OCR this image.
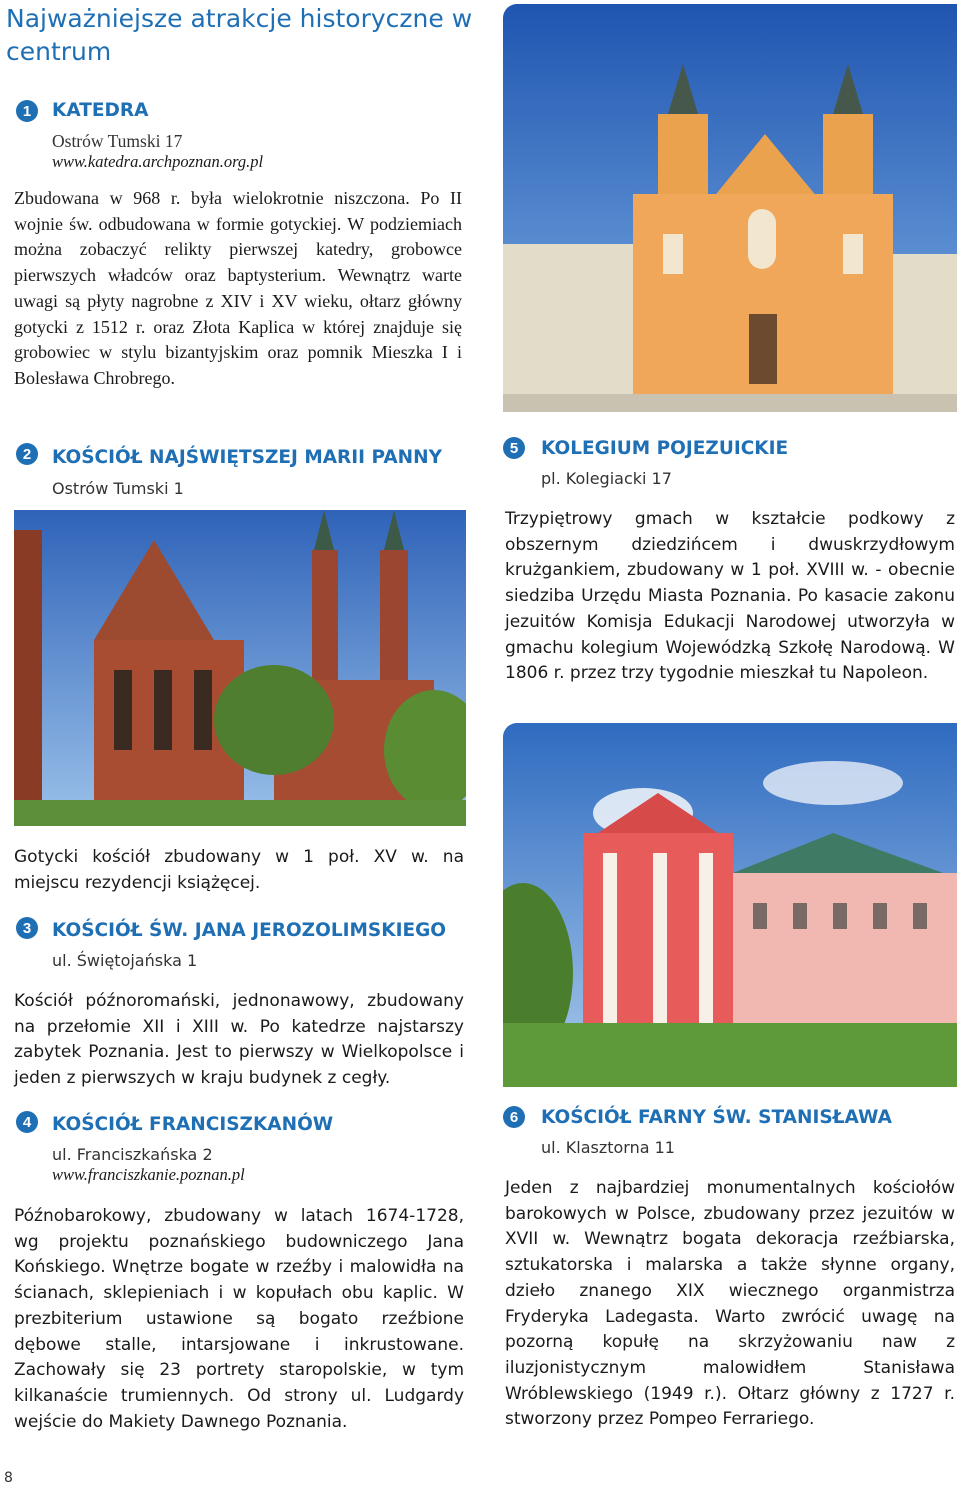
Najważniejsze atrakcje historyczne w centrum
1	KATEDRA
Ostrów Tumski 17
www.katedra.archpoznan.org.pl
Zbudowana w 968 r. była wielokrotnie niszczona. Po II wojnie św. odbudowana w formie gotyckiej. W podziemiach można zobaczyć relikty pierwszej katedry, grobowce pierwszych władców oraz baptysterium. Wewnątrz warte uwagi są płyty nagrobne z XIV i XV wieku, ołtarz główny gotycki z 1512 r. oraz Złota Kaplica w której znajduje się grobowiec w stylu bizantyjskim oraz pomnik Mieszka I i Bolesława Chrobrego.
2	KOŚCIÓŁ NAJŚWIĘTSZEJ MARII PANNY
Ostrów Tumski 1
Gotycki kościół zbudowany w 1 poł. XV w. na miejscu rezydencji książęcej.
3	KOŚCIÓŁ ŚW. JANA JEROZOLIMSKIEGO
ul. Świętojańska 1
Kościół późnoromański, jednonawowy, zbudowany na przełomie XII i XIII w. Po katedrze najstarszy zabytek Poznania. Jest to pierwszy w Wielkopolsce i jeden z pierwszych w kraju budynek z cegły.
4	KOŚCIÓŁ FRANCISZKANÓW
ul. Franciszkańska 2
www.franciszkanie.poznan.pl
Późnobarokowy, zbudowany w latach 1674-1728, wg projektu poznańskiego budowniczego Jana Końskiego. Wnętrze bogate w rzeźby i malowidła na ścianach, sklepieniach i w kopułach obu kaplic. W prezbiterium ustawione są bogato rzeźbione dębowe stalle, intarsjowane i inkrustowane. Zachowały się 23 portrety staropolskie, w tym kilkanaście trumiennych. Od strony ul. Ludgardy wejście do Makiety Dawnego Poznania.
5	KOLEGIUM POJEZUICKIE
pl. Kolegiacki 17
Trzypiętrowy gmach w kształcie podkowy z obszernym dziedzińcem i dwuskrzydłowym krużgankiem, zbudowany w 1 poł. XVIII w. - obecnie siedziba Urzędu Miasta Poznania. Po kasacie zakonu jezuitów Komisja Edukacji Narodowej utworzyła w gmachu kolegium Wojewódzką Szkołę Narodową. W 1806 r. przez trzy tygodnie mieszkał tu Napoleon.
6	KOŚCIÓŁ FARNY ŚW. STANISŁAWA
ul. Klasztorna 11
Jeden z najbardziej monumentalnych kościołów barokowych w Polsce, zbudowany przez jezuitów w XVII w. Wewnątrz bogata dekoracja rzeźbiarska, sztukatorska i malarska a także słynne organy, dzieło znanego XIX wiecznego organmistrza Fryderyka Ladegasta. Warto zwrócić uwagę na pozorną kopułę na skrzyżowaniu naw z iluzjonistycznym malowidłem Stanisława Wróblewskiego (1949 r.). Ołtarz główny z 1727 r. stworzony przez Pompeo Ferrariego.
8
